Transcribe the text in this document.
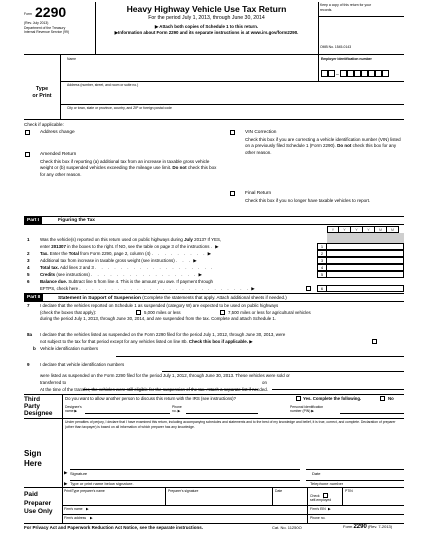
Form 2290
(Rev. July 2013)
Department of the Treasury
Internal Revenue Service (99)
Heavy Highway Vehicle Use Tax Return
For the period July 1, 2013, through June 30, 2014
▶ Attach both copies of Schedule 1 to this return.
▶Information about Form 2290 and its separate instructions is at www.irs.gov/form2290.
Keep a copy of this return for your records.
OMB No. 1545-0143
Type
or Print
Name	Employer identification number
–
Address (number, street, and room or suite no.)
City or town, state or province, country, and ZIP or foreign postal code
Check if applicable:
Address change
Amended Return
Check this box if reporting (a) additional tax from an increase in taxable gross vehicle weight or (b) suspended vehicles exceeding the mileage use limit. Do not check this box for any other reason.
VIN Correction
Check this box if you are correcting a vehicle identification number (VIN) listed on a previously filed Schedule 1 (Form 2290). Do not check this box for any other reason.
Final Return
Check this box if you no longer have taxable vehicles to report.
Part I	Figuring the Tax
Y	Y	Y	Y	M	M
1 Was the vehicle(s) reported on this return used on public highways during July 2013? If YES,
enter 201307 in the boxes to the right. If NO, see the table on page 3 of the instructions . ▶	1
2 Tax. Enter the Total from Form 2290, page 2, column (4) . . . . . . . . . ▶	2
3 Additional tax from increase in taxable gross weight (see instructions) . . . ▶	3
4 Total tax. Add lines 2 and 3 . . . . . . . . . . . . . . . . . . .	4
5 Credits (see instructions) . . . . . . . . . . . . . . . . . ▶	5
6 Balance due. Subtract line 5 from line 4. This is the amount you owe. If payment through
EFTPS, check here . . . . . . . . . . . . . . . . . . . . . . . . . . . ▶	6
Part II	Statement in Support of Suspension (Complete the statements that apply. Attach additional sheets if needed.)
7 I declare that the vehicles reported on Schedule 1 as suspended (category W) are expected to be used on public highways
(check the boxes that apply):	5,000 miles or less	7,500 miles or less for agricultural vehicles
during the period July 1, 2013, through June 30, 2014, and are suspended from the tax. Complete and attach Schedule 1.
8a I declare that the vehicles listed as suspended on the Form 2290 filed for the period July 1, 2012, through June 30, 2013, were
not subject to the tax for that period except for any vehicles listed on line 8b. Check this box if applicable. ▶
b Vehicle identification numbers
9 I declare that vehicle identification numbers
were listed as suspended on the Form 2290 filed for the period July 1, 2012, through June 30, 2013. These vehicles were sold or
transferred to	on
At the time of the transfer, the vehicles were still eligible for the suspension of the tax. Attach a separate list if needed.
Third
Party
Designee
Do you want to allow another person to discuss this return with the IRS (see instructions)?	Yes. Complete the following.	No
Designee's
name ▶
Phone
no. ▶
Personal identification
number (PIN) ▶
Sign
Here
Under penalties of perjury, I declare that I have examined this return, including accompanying schedules and statements and to the best of my knowledge and belief, it is true, correct, and complete. Declaration of preparer (other than taxpayer) is based on all information of which preparer has any knowledge.
▶ Signature	Date
▶ Type or print name below signature.	Telephone number
Paid
Preparer
Use Only
Print/Type preparer's name	Preparer's signature	Date
Check
self-employed
PTIN
Firm's name ▶	Firm's EIN ▶
Firm's address ▶	Phone no.
For Privacy Act and Paperwork Reduction Act Notice, see the separate instructions.	Cat. No. 11250O	Form 2290 (Rev. 7-2013)
